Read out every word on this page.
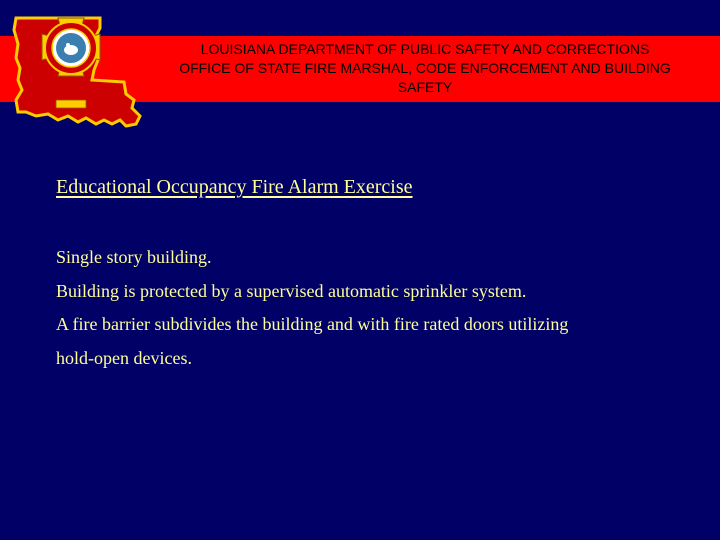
LOUISIANA DEPARTMENT OF PUBLIC SAFETY AND CORRECTIONS
OFFICE OF STATE FIRE MARSHAL, CODE ENFORCEMENT AND BUILDING
SAFETY
Educational Occupancy Fire Alarm Exercise
Single story building.
Building is protected by a supervised automatic sprinkler system.
A fire barrier subdivides the building and with fire rated doors utilizing
hold-open devices.
